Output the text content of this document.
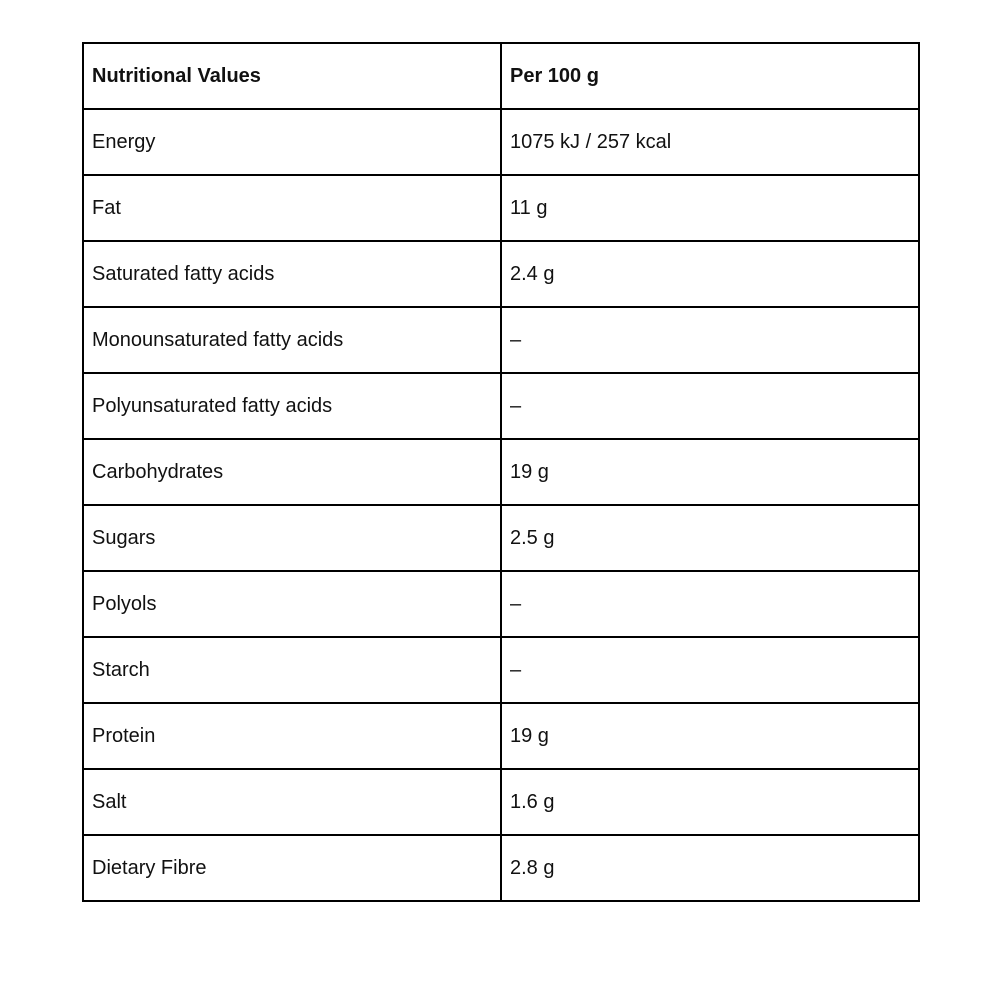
Nutritional Values	Per 100 g
Energy	1075 kJ / 257 kcal
Fat	11 g
Saturated fatty acids	2.4 g
Monounsaturated fatty acids	–
Polyunsaturated fatty acids	–
Carbohydrates	19 g
Sugars	2.5 g
Polyols	–
Starch	–
Protein	19 g
Salt	1.6 g
Dietary Fibre	2.8 g
